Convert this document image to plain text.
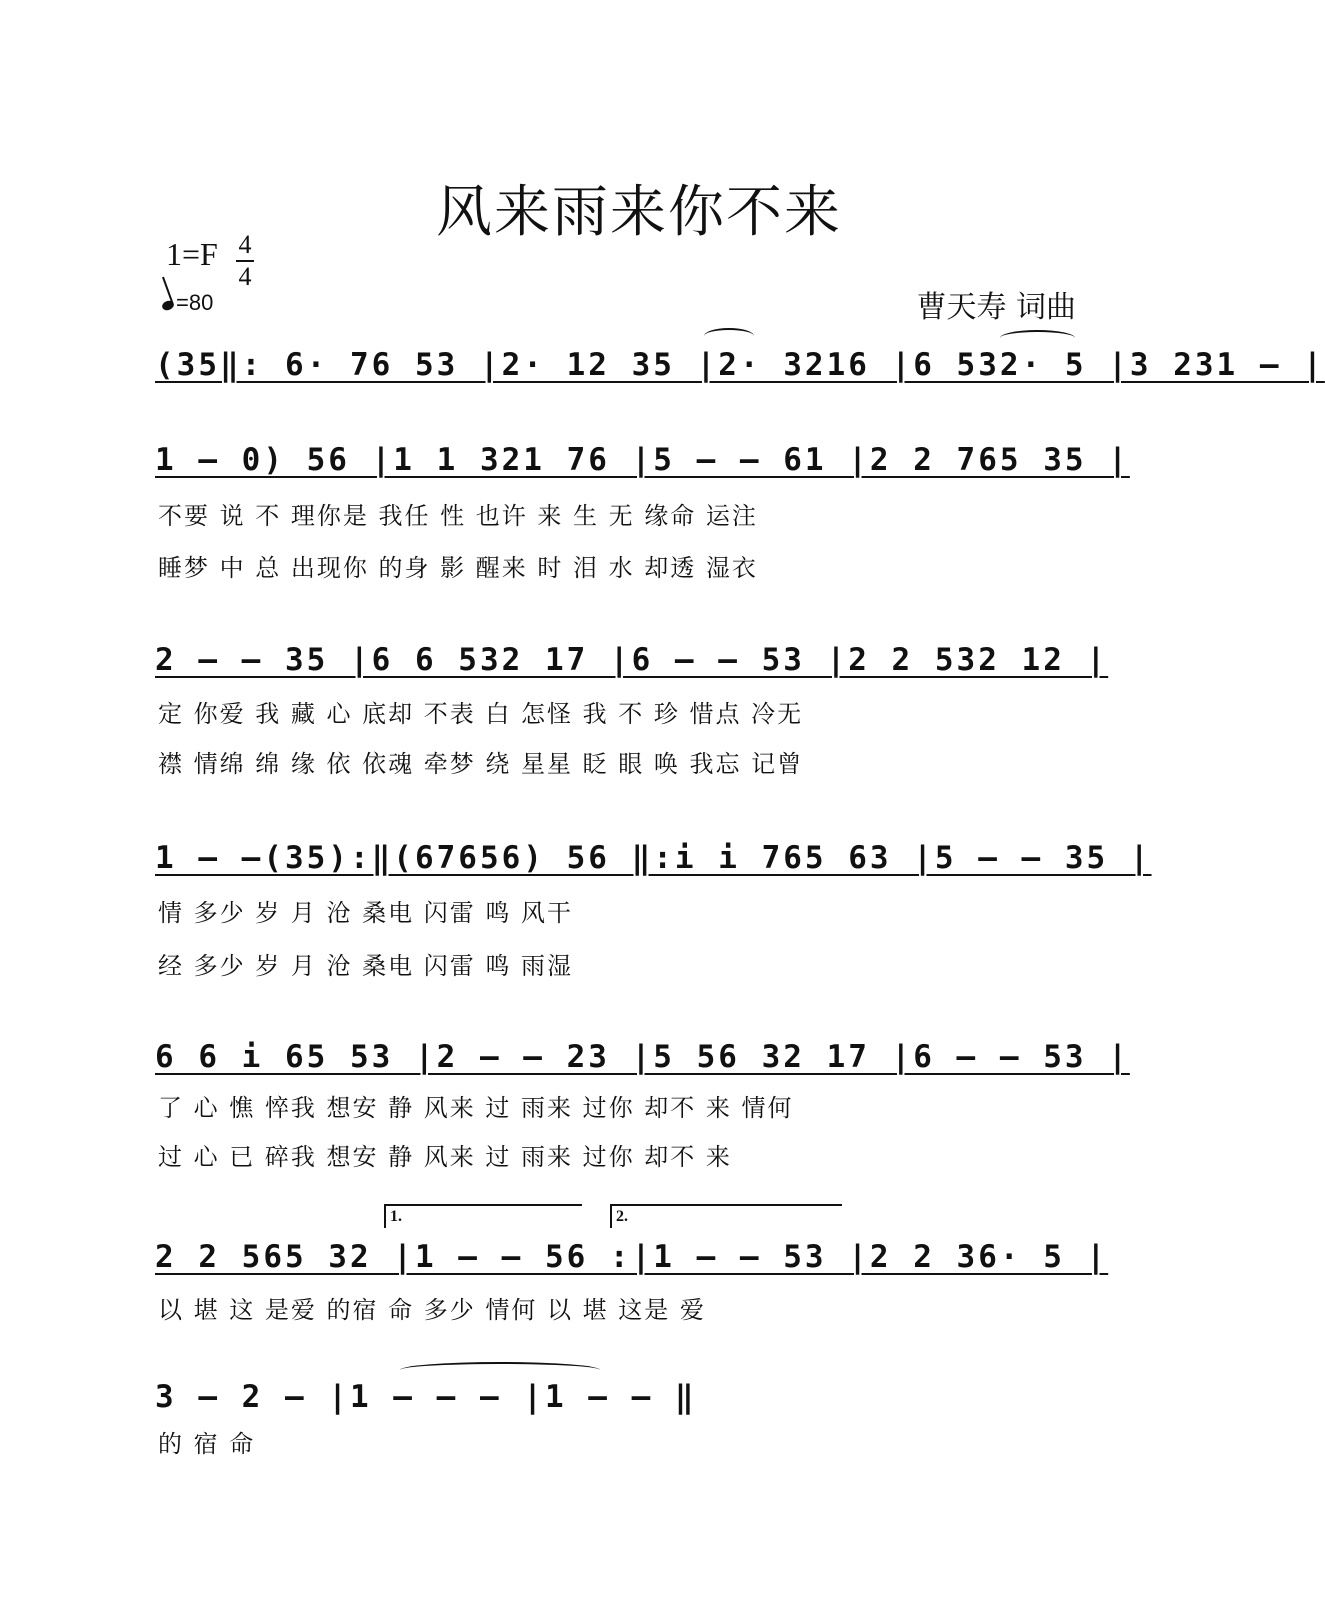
风来雨来你不来
1=F 4
4
=80	曹天寿 词曲
(35‖: 6· 76 53 |2· 12 35 |2· 3216 |6 532· 5 |3 231 – |
1 – 0) 56 |1 1 321 76 |5 – – 61 |2 2 765 35 |
不要 说 不 理你是 我任 性 也许 来 生 无 缘命 运注
睡梦 中 总 出现你 的身 影 醒来 时 泪 水 却透 湿衣
2 – – 35 |6 6 532 17 |6 – – 53 |2 2 532 12 |
定 你爱 我 藏 心 底却 不表 白 怎怪 我 不 珍 惜点 冷无
襟 情绵 绵 缘 依 依魂 牵梦 绕 星星 眨 眼 唤 我忘 记曾
1 – –(35):‖(67656) 56 ‖:i i 765 63 |5 – – 35 |
情 多少 岁 月 沧 桑电 闪雷 鸣 风干
经 多少 岁 月 沧 桑电 闪雷 鸣 雨湿
6 6 i 65 53 |2 – – 23 |5 56 32 17 |6 – – 53 |
了 心 憔 悴我 想安 静 风来 过 雨来 过你 却不 来 情何
过 心 已 碎我 想安 静 风来 过 雨来 过你 却不 来
1.	2.
2 2 565 32 |1 – – 56 :|1 – – 53 |2 2 36· 5 |
以 堪 这 是爱 的宿 命 多少 情何 以 堪 这是 爱
3 – 2 – |1 – – – |1 – – ‖
的 宿 命
